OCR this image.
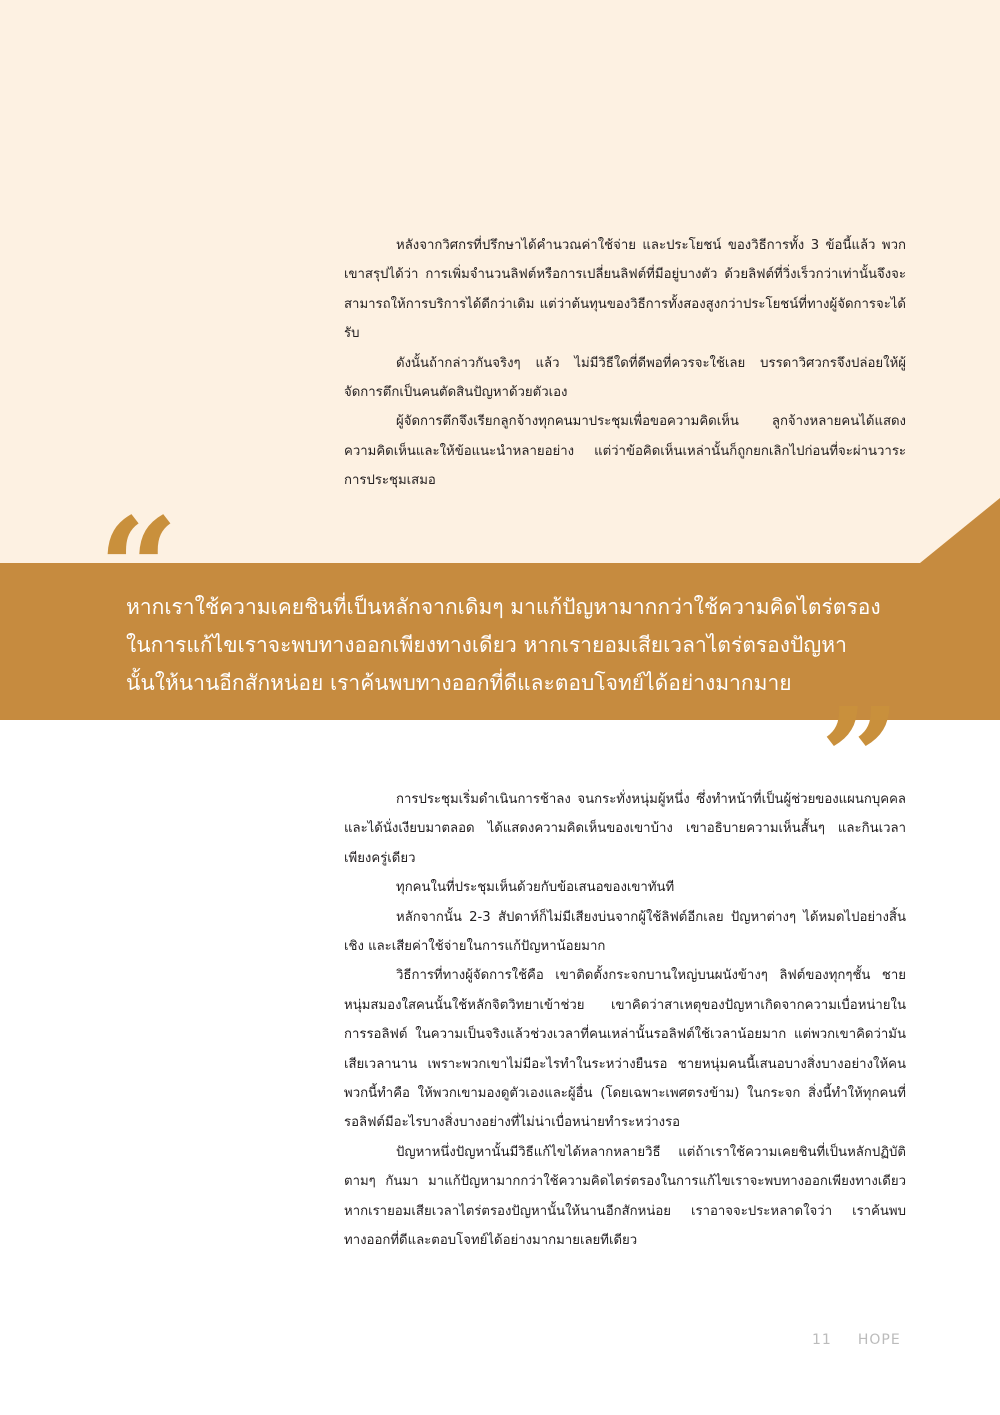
หลังจากวิศกรที่ปรึกษาได้คำนวณค่าใช้จ่าย และประโยชน์ ของวิธีการทั้ง 3 ข้อนี้แล้ว พวกเขาสรุปได้ว่า การเพิ่มจำนวนลิฟต์หรือการเปลี่ยนลิฟต์ที่มีอยู่บางตัว ด้วยลิฟต์ที่วิ่งเร็วกว่าเท่านั้นจึงจะสามารถให้การบริการได้ดีกว่าเดิม แต่ว่าต้นทุนของวิธีการทั้งสองสูงกว่าประโยชน์ที่ทางผู้จัดการจะได้รับ

ดังนั้นถ้ากล่าวกันจริงๆ แล้ว ไม่มีวิธีใดที่ดีพอที่ควรจะใช้เลย บรรดาวิศวกรจึงปล่อยให้ผู้จัดการตึกเป็นคนตัดสินปัญหาด้วยตัวเอง

ผู้จัดการตึกจึงเรียกลูกจ้างทุกคนมาประชุมเพื่อขอความคิดเห็น ลูกจ้างหลายคนได้แสดงความคิดเห็นและให้ข้อแนะนำหลายอย่าง แต่ว่าข้อคิดเห็นเหล่านั้นก็ถูกยกเลิกไปก่อนที่จะผ่านวาระการประชุมเสมอ

“

หากเราใช้ความเคยชินที่เป็นหลักจากเดิมๆ มาแก้ปัญหามากกว่าใช้ความคิดไตร่ตรอง

ในการแก้ไขเราจะพบทางออกเพียงทางเดียว หากเรายอมเสียเวลาไตร่ตรองปัญหา

นั้นให้นานอีกสักหน่อย เราค้นพบทางออกที่ดีและตอบโจทย์ได้อย่างมากมาย ”

การประชุมเริ่มดำเนินการช้าลง จนกระทั่งหนุ่มผู้หนึ่ง ซึ่งทำหน้าที่เป็นผู้ช่วยของแผนกบุคคลและได้นั่งเงียบมาตลอด ได้แสดงความคิดเห็นของเขาบ้าง เขาอธิบายความเห็นสั้นๆ และกินเวลาเพียงครู่เดียว

ทุกคนในที่ประชุมเห็นด้วยกับข้อเสนอของเขาทันที

หลักจากนั้น 2-3 สัปดาห์ก็ไม่มีเสียงบ่นจากผู้ใช้ลิฟต์อีกเลย ปัญหาต่างๆ ได้หมดไปอย่างสิ้นเชิง และเสียค่าใช้จ่ายในการแก้ปัญหาน้อยมาก

วิธีการที่ทางผู้จัดการใช้คือ เขาติดตั้งกระจกบานใหญ่บนผนังข้างๆ ลิฟต์ของทุกๆชั้น ชายหนุ่มสมองใสคนนั้นใช้หลักจิตวิทยาเข้าช่วย เขาคิดว่าสาเหตุของปัญหาเกิดจากความเบื่อหน่ายในการรอลิฟต์ ในความเป็นจริงแล้วช่วงเวลาที่คนเหล่านั้นรอลิฟต์ใช้เวลาน้อยมาก แต่พวกเขาคิดว่ามันเสียเวลานาน เพราะพวกเขาไม่มีอะไรทำในระหว่างยืนรอ ชายหนุ่มคนนี้เสนอบางสิ่งบางอย่างให้คนพวกนี้ทำคือ ให้พวกเขามองดูตัวเองและผู้อื่น (โดยเฉพาะเพศตรงข้าม) ในกระจก สิ่งนี้ทำให้ทุกคนที่รอลิฟต์มีอะไรบางสิ่งบางอย่างที่ไม่น่าเบื่อหน่ายทำระหว่างรอ

ปัญหาหนึ่งปัญหานั้นมีวิธีแก้ไขได้หลากหลายวิธี แต่ถ้าเราใช้ความเคยชินที่เป็นหลักปฏิบัติตามๆ กันมา มาแก้ปัญหามากกว่าใช้ความคิดไตร่ตรองในการแก้ไขเราจะพบทางออกเพียงทางเดียว หากเรายอมเสียเวลาไตร่ตรองปัญหานั้นให้นานอีกสักหน่อย เราอาจจะประหลาดใจว่า เราค้นพบทางออกที่ดีและตอบโจทย์ได้อย่างมากมายเลยทีเดียว

11 HOPE
